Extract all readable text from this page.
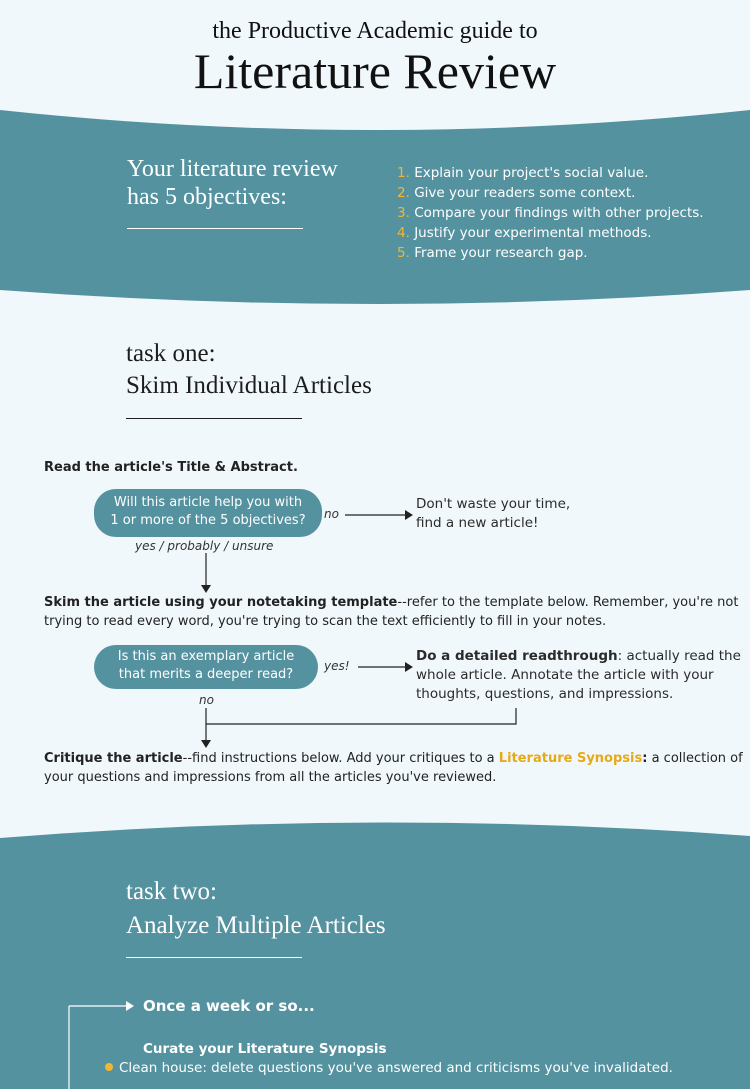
the Productive Academic guide to
Literature Review
Your literature review
has 5 objectives:
1. Explain your project's social value.
2. Give your readers some context.
3. Compare your findings with other projects.
4. Justify your experimental methods.
5. Frame your research gap.
task one:
Skim Individual Articles
Read the article's Title & Abstract.
Will this article help you with
1 or more of the 5 objectives?	no
Don't waste your time,
find a new article!
yes / probably / unsure
Skim the article using your notetaking template--refer to the template below. Remember, you're not
trying to read every word, you're trying to scan the text efficiently to fill in your notes.
Is this an exemplary article
that merits a deeper read?
yes!
no
Do a detailed readthrough: actually read the
whole article. Annotate the article with your
thoughts, questions, and impressions.
Critique the article--find instructions below. Add your critiques to a Literature Synopsis: a collection of
your questions and impressions from all the articles you've reviewed.
task two:
Analyze Multiple Articles
Once a week or so...
Curate your Literature Synopsis
Clean house: delete questions you've answered and criticisms you've invalidated.
